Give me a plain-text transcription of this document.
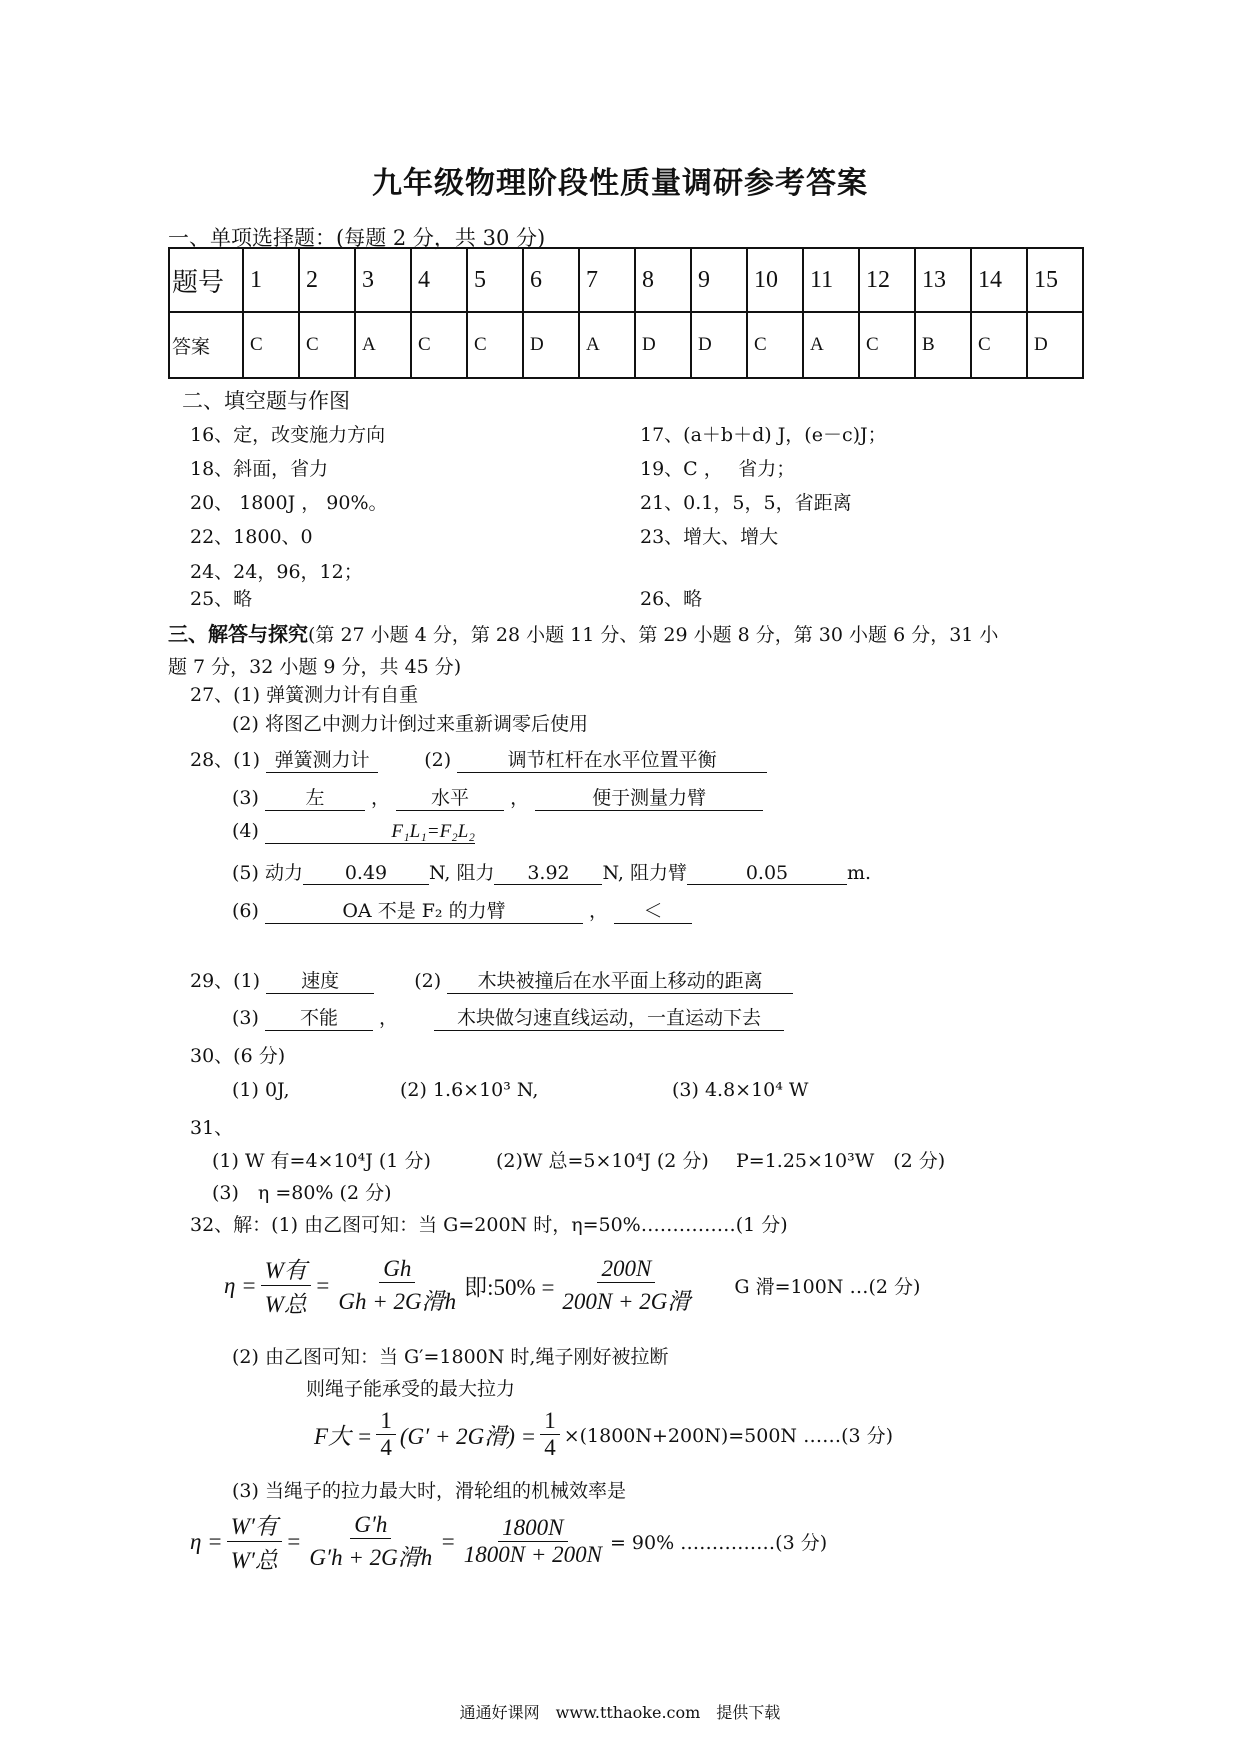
九年级物理阶段性质量调研参考答案
一、单项选择题：(每题 2 分，共 30 分)
题号	1	2	3	4	5	6	7	8	9	10	11	12	13	14	15
答案	C	C	A	C	C	D	A	D	D	C	A	C	B	C	D
二、填空题与作图
16、定，改变施力方向	17、(a＋b＋d) J，(e－c)J；
18、斜面，省力	19、C ，　 省力；
20、 1800J ， 90%。	21、0.1，5，5，省距离
22、1800、0	23、增大、增大
24、24，96，12；
25、略	26、略
三、解答与探究(第 27 小题 4 分，第 28 小题 11 分、第 29 小题 8 分，第 30 小题 6 分，31 小
题 7 分，32 小题 9 分，共 45 分)
27、(1) 弹簧测力计有自重
(2) 将图乙中测力计倒过来重新调零后使用
28、(1) 弹簧测力计	(2)	调节杠杆在水平位置平衡
(3) 左 ， 水平 ，	便于测量力臂
(4)	F₁L₁=F₂L₂
(5) 动力 0.49 N, 阻力 3.92 N, 阻力臂	0.05	m.
(6)	OA 不是 F₂ 的力臂	， ＜
29、(1) 速度	(2) 木块被撞后在水平面上移动的距离
(3) 不能 ，	木块做匀速直线运动，一直运动下去
30、(6 分)
(1) 0J,	(2) 1.6×10³ N,	(3) 4.8×10⁴ W
31、
(1) W 有=4×10⁴J (1 分)	(2)W 总=5×10⁴J (2 分) P=1.25×10³W　(2 分)
(3)　η =80% (2 分)
32、解：(1) 由乙图可知：当 G=200N 时，η=50%……………(1 分)
$\eta = \frac{\text{W有}}{\text{W总}} = \frac{Gh}{\text{Gh + 2G滑h}}$ 即:50% = $\frac{200N}{\text{200N + 2G滑}}$ G 滑=100N …(2 分)
(2) 由乙图可知：当 G′=1800N 时,绳子刚好被拉断
则绳子能承受的最大拉力
F大 = $\frac{1}{4} (G' + 2G$滑) = $\frac{1}{4} \times(1800N+200N)=500N$ ……(3 分)
(3) 当绳子的拉力最大时，滑轮组的机械效率是
$\eta = \frac{\text{W′有}}{\text{W′总}} = \frac{G'h}{\text{G′h + 2G滑h}} = \frac{1800N}{1800N + 200N} = 90\%$ ……………(3 分)
通通好课网　www.tthaoke.com　提供下载
